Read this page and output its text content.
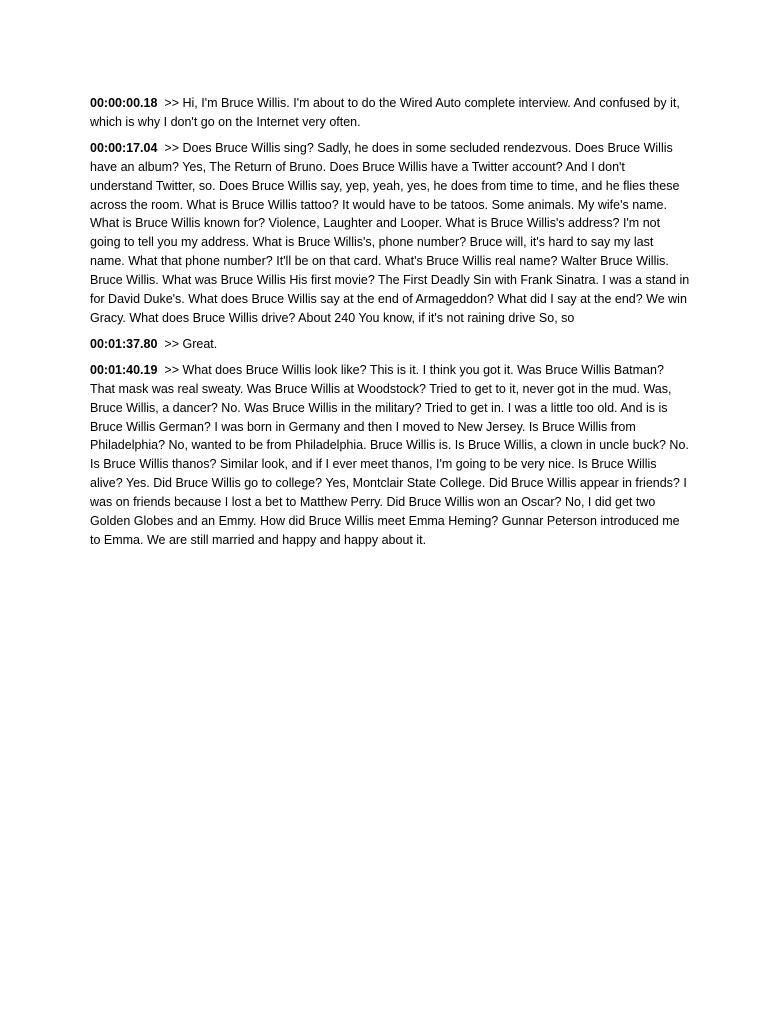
00:00:00.18 >> Hi, I'm Bruce Willis. I'm about to do the Wired Auto complete interview. And confused by it, which is why I don't go on the Internet very often.

00:00:17.04 >> Does Bruce Willis sing? Sadly, he does in some secluded rendezvous. Does Bruce Willis have an album? Yes, The Return of Bruno. Does Bruce Willis have a Twitter account? And I don't understand Twitter, so. Does Bruce Willis say, yep, yeah, yes, he does from time to time, and he flies these across the room. What is Bruce Willis tattoo? It would have to be tatoos. Some animals. My wife's name. What is Bruce Willis known for? Violence, Laughter and Looper. What is Bruce Willis's address? I'm not going to tell you my address. What is Bruce Willis's, phone number? Bruce will, it's hard to say my last name. What that phone number? It'll be on that card. What's Bruce Willis real name? Walter Bruce Willis. Bruce Willis. What was Bruce Willis His first movie? The First Deadly Sin with Frank Sinatra. I was a stand in for David Duke's. What does Bruce Willis say at the end of Armageddon? What did I say at the end? We win Gracy. What does Bruce Willis drive? About 240 You know, if it's not raining drive So, so

00:01:37.80 >> Great.

00:01:40.19 >> What does Bruce Willis look like? This is it. I think you got it. Was Bruce Willis Batman? That mask was real sweaty. Was Bruce Willis at Woodstock? Tried to get to it, never got in the mud. Was, Bruce Willis, a dancer? No. Was Bruce Willis in the military? Tried to get in. I was a little too old. And is is Bruce Willis German? I was born in Germany and then I moved to New Jersey. Is Bruce Willis from Philadelphia? No, wanted to be from Philadelphia. Bruce Willis is. Is Bruce Willis, a clown in uncle buck? No. Is Bruce Willis thanos? Similar look, and if I ever meet thanos, I'm going to be very nice. Is Bruce Willis alive? Yes. Did Bruce Willis go to college? Yes, Montclair State College. Did Bruce Willis appear in friends? I was on friends because I lost a bet to Matthew Perry. Did Bruce Willis won an Oscar? No, I did get two Golden Globes and an Emmy. How did Bruce Willis meet Emma Heming? Gunnar Peterson introduced me to Emma. We are still married and happy and happy about it.
